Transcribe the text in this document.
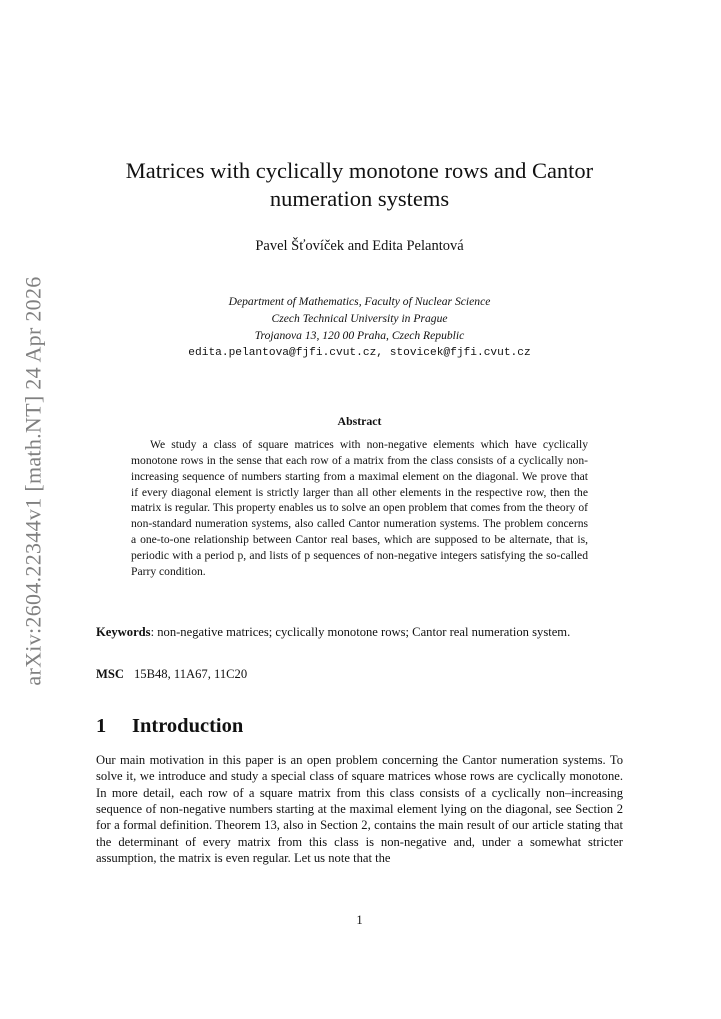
arXiv:2604.22344v1 [math.NT] 24 Apr 2026
Matrices with cyclically monotone rows and Cantor numeration systems
Pavel Šťovíček and Edita Pelantová
Department of Mathematics, Faculty of Nuclear Science
Czech Technical University in Prague
Trojanova 13, 120 00 Praha, Czech Republic
edita.pelantova@fjfi.cvut.cz, stovicek@fjfi.cvut.cz
Abstract

We study a class of square matrices with non-negative elements which have cyclically monotone rows in the sense that each row of a matrix from the class consists of a cyclically non-increasing sequence of numbers starting from a maximal element on the diagonal. We prove that if every diagonal element is strictly larger than all other elements in the respective row, then the matrix is regular. This property enables us to solve an open problem that comes from the theory of non-standard numeration systems, also called Cantor numeration systems. The problem concerns a one-to-one relationship between Cantor real bases, which are supposed to be alternate, that is, periodic with a period p, and lists of p sequences of non-negative integers satisfying the so-called Parry condition.

Keywords: non-negative matrices; cyclically monotone rows; Cantor real numeration system.
MSC 15B48, 11A67, 11C20
1 Introduction

Our main motivation in this paper is an open problem concerning the Cantor numeration systems. To solve it, we introduce and study a special class of square matrices whose rows are cyclically monotone. In more detail, each row of a square matrix from this class consists of a cyclically non–increasing sequence of non-negative numbers starting at the maximal element lying on the diagonal, see Section 2 for a formal definition. Theorem 13, also in Section 2, contains the main result of our article stating that the determinant of every matrix from this class is non-negative and, under a somewhat stricter assumption, the matrix is even regular. Let us note that the

1
